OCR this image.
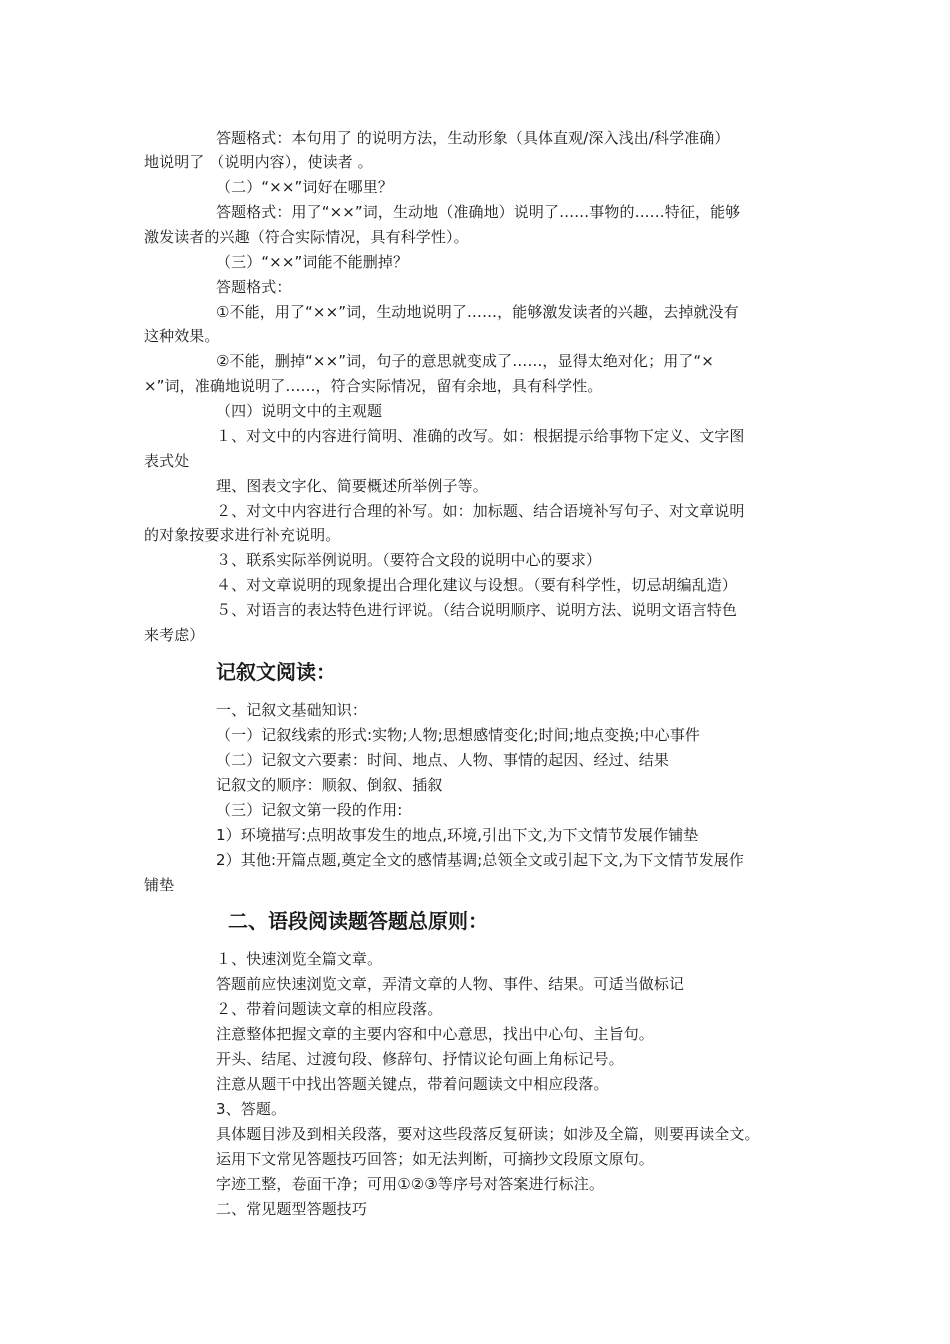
答题格式：本句用了 的说明方法，生动形象（具体直观/深入浅出/科学准确）

地说明了 （说明内容），使读者 。

（二）“××”词好在哪里？

答题格式：用了“××”词，生动地（准确地）说明了……事物的……特征，能够

激发读者的兴趣（符合实际情况，具有科学性）。

（三）“××”词能不能删掉？

答题格式：

①不能，用了“××”词，生动地说明了……，能够激发读者的兴趣，去掉就没有

这种效果。

②不能，删掉“××”词，句子的意思就变成了……，显得太绝对化；用了“×

×”词，准确地说明了……，符合实际情况，留有余地，具有科学性。

（四）说明文中的主观题

１、对文中的内容进行简明、准确的改写。如：根据提示给事物下定义、文字图

表式处

理、图表文字化、简要概述所举例子等。

２、对文中内容进行合理的补写。如：加标题、结合语境补写句子、对文章说明

的对象按要求进行补充说明。

３、联系实际举例说明。（要符合文段的说明中心的要求）

４、对文章说明的现象提出合理化建议与设想。（要有科学性，切忌胡编乱造）

５、对语言的表达特色进行评说。（结合说明顺序、说明方法、说明文语言特色

来考虑）

记叙文阅读：

一、记叙文基础知识：

（一）记叙线索的形式:实物;人物;思想感情变化;时间;地点变换;中心事件

（二）记叙文六要素：时间、地点、人物、事情的起因、经过、结果

记叙文的顺序：顺叙、倒叙、插叙

（三）记叙文第一段的作用:

1）环境描写:点明故事发生的地点,环境,引出下文,为下文情节发展作铺垫

2）其他:开篇点题,奠定全文的感情基调;总领全文或引起下文,为下文情节发展作

铺垫

二、语段阅读题答题总原则：

１、快速浏览全篇文章。

答题前应快速浏览文章，弄清文章的人物、事件、结果。可适当做标记

２、带着问题读文章的相应段落。

注意整体把握文章的主要内容和中心意思，找出中心句、主旨句。

开头、结尾、过渡句段、修辞句、抒情议论句画上角标记号。

注意从题干中找出答题关键点，带着问题读文中相应段落。

3、答题。

具体题目涉及到相关段落，要对这些段落反复研读；如涉及全篇，则要再读全文。

运用下文常见答题技巧回答；如无法判断，可摘抄文段原文原句。

字迹工整，卷面干净；可用①②③等序号对答案进行标注。

二、常见题型答题技巧
